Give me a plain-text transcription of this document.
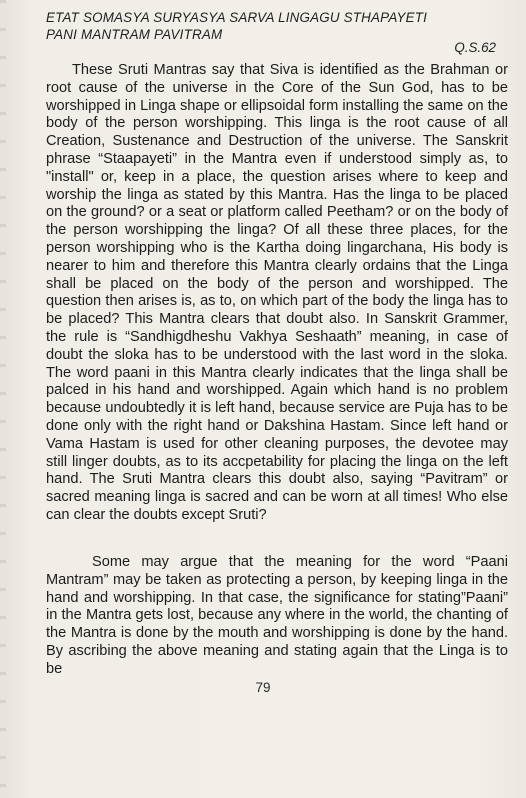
ETAT SOMASYA SURYASYA SARVA LINGAGU STHAPAYETI
PANI MANTRAM PAVITRAM
Q.S.62
These Sruti Mantras say that Siva is identified as the Brahman or root cause of the universe in the Core of the Sun God, has to be worshipped in Linga shape or ellipsoidal form installing the same on the body of the person worshipping. This linga is the root cause of all Creation, Sustenance and Destruction of the universe. The Sanskrit phrase “Staapayeti” in the Mantra even if understood simply as, to "install" or, keep in a place, the question arises where to keep and worship the linga as stated by this Mantra. Has the linga to be placed on the ground? or a seat or platform called Peetham? or on the body of the person worshipping the linga? Of all these three places, for the person worshipping who is the Kartha doing lingarchana, His body is nearer to him and therefore this Mantra clearly ordains that the Linga shall be placed on the body of the person and worshipped. The question then arises is, as to, on which part of the body the linga has to be placed? This Mantra clears that doubt also. In Sanskrit Grammer, the rule is “Sandhigdheshu Vakhya Seshaath” meaning, in case of doubt the sloka has to be understood with the last word in the sloka. The word paani in this Mantra clearly indicates that the linga shall be palced in his hand and worshipped. Again which hand is no problem because undoubtedly it is left hand, because service are Puja has to be done only with the right hand or Dakshina Hastam. Since left hand or Vama Hastam is used for other cleaning purposes, the devotee may still linger doubts, as to its accpetability for placing the linga on the left hand. The Sruti Mantra clears this doubt also, saying “Pavitram” or sacred meaning linga is sacred and can be worn at all times! Who else can clear the doubts except Sruti?
Some may argue that the meaning for the word “Paani Mantram” may be taken as protecting a person, by keeping linga in the hand and worshipping. In that case, the significance for stating”Paani” in the Mantra gets lost, because any where in the world, the chanting of the Mantra is done by the mouth and worshipping is done by the hand. By ascribing the above meaning and stating again that the Linga is to be
79
